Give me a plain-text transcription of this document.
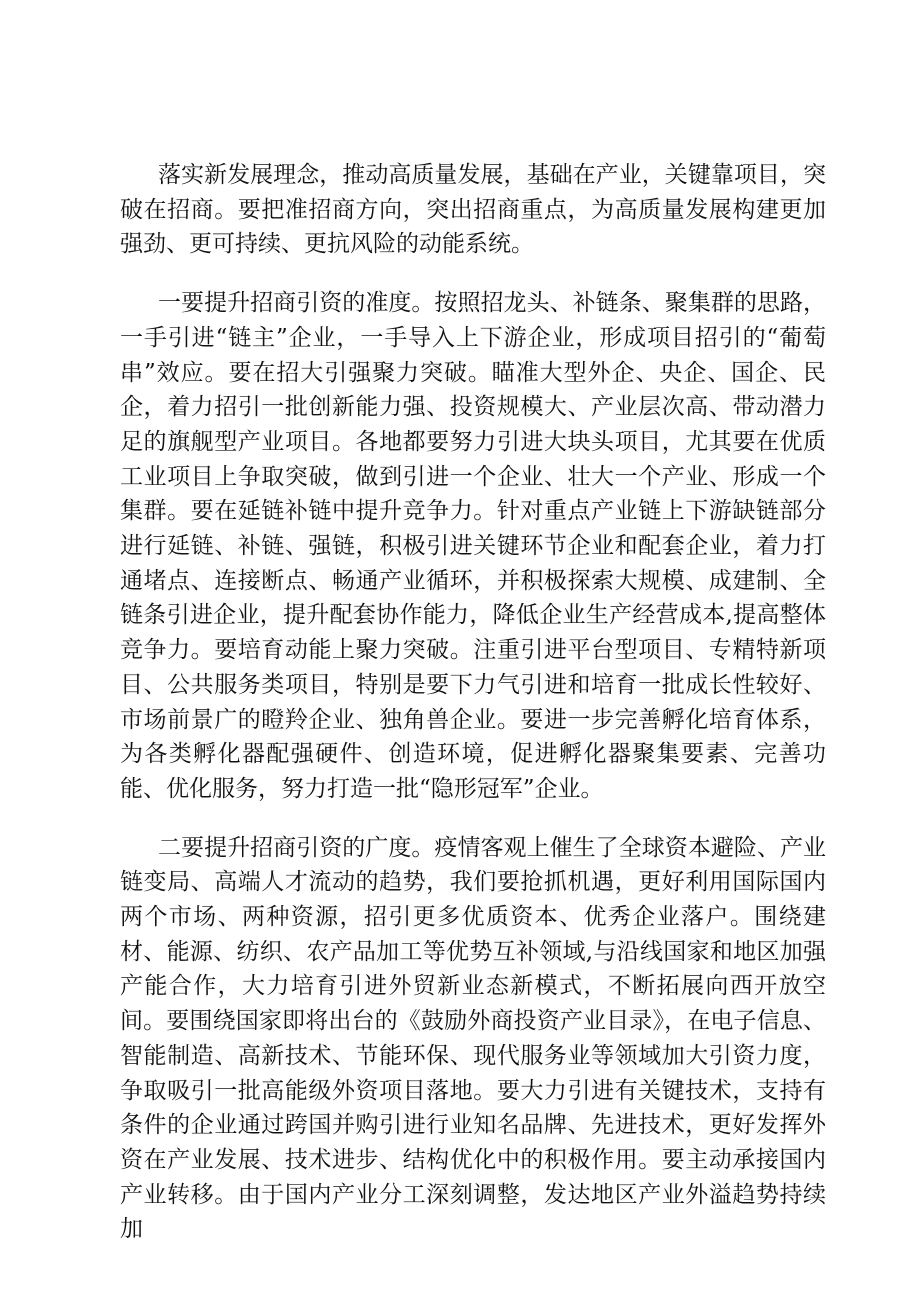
落实新发展理念，推动高质量发展，基础在产业，关键靠项目，突破在招商。要把准招商方向，突出招商重点，为高质量发展构建更加强劲、更可持续、更抗风险的动能系统。

一要提升招商引资的准度。按照招龙头、补链条、聚集群的思路，一手引进“链主”企业，一手导入上下游企业，形成项目招引的“葡萄串”效应。要在招大引强聚力突破。瞄准大型外企、央企、国企、民企，着力招引一批创新能力强、投资规模大、产业层次高、带动潜力足的旗舰型产业项目。各地都要努力引进大块头项目，尤其要在优质工业项目上争取突破，做到引进一个企业、壮大一个产业、形成一个集群。要在延链补链中提升竞争力。针对重点产业链上下游缺链部分进行延链、补链、强链，积极引进关键环节企业和配套企业，着力打通堵点、连接断点、畅通产业循环，并积极探索大规模、成建制、全链条引进企业，提升配套协作能力，降低企业生产经营成本,提高整体竞争力。要培育动能上聚力突破。注重引进平台型项目、专精特新项目、公共服务类项目，特别是要下力气引进和培育一批成长性较好、市场前景广的瞪羚企业、独角兽企业。要进一步完善孵化培育体系，为各类孵化器配强硬件、创造环境，促进孵化器聚集要素、完善功能、优化服务，努力打造一批“隐形冠军”企业。

二要提升招商引资的广度。疫情客观上催生了全球资本避险、产业链变局、高端人才流动的趋势，我们要抢抓机遇，更好利用国际国内两个市场、两种资源，招引更多优质资本、优秀企业落户。围绕建材、能源、纺织、农产品加工等优势互补领域,与沿线国家和地区加强产能合作，大力培育引进外贸新业态新模式，不断拓展向西开放空间。要围绕国家即将出台的《鼓励外商投资产业目录》，在电子信息、智能制造、高新技术、节能环保、现代服务业等领域加大引资力度，争取吸引一批高能级外资项目落地。要大力引进有关键技术，支持有条件的企业通过跨国并购引进行业知名品牌、先进技术，更好发挥外资在产业发展、技术进步、结构优化中的积极作用。要主动承接国内产业转移。由于国内产业分工深刻调整，发达地区产业外溢趋势持续加
